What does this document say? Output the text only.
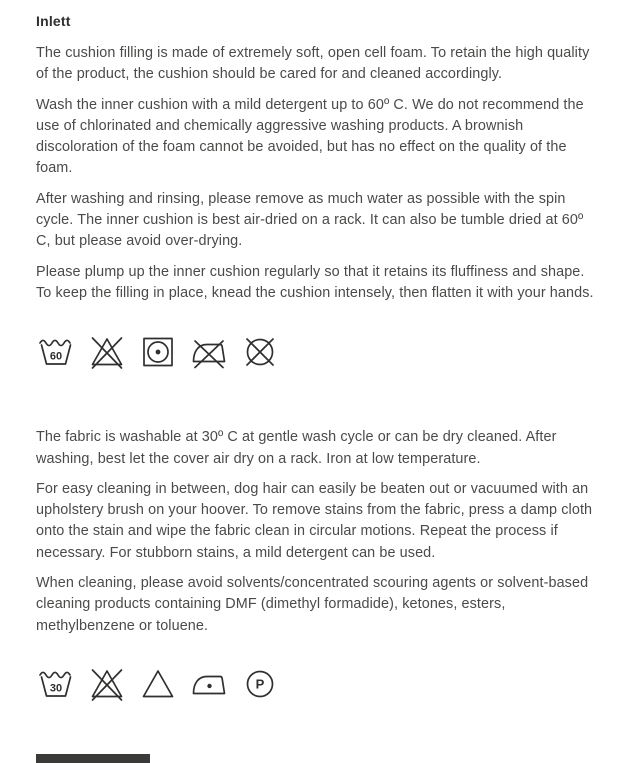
Inlett

The cushion filling is made of extremely soft, open cell foam. To retain the high quality of the product, the cushion should be cared for and cleaned accordingly.

Wash the inner cushion with a mild detergent up to 60º C. We do not recommend the use of chlorinated and chemically aggressive washing products. A brownish discoloration of the foam cannot be avoided, but has no effect on the quality of the foam.

After washing and rinsing, please remove as much water as possible with the spin cycle. The inner cushion is best air-dried on a rack. It can also be tumble dried at 60º C, but please avoid over-drying.

Please plump up the inner cushion regularly so that it retains its fluffiness and shape. To keep the filling in place, knead the cushion intensely, then flatten it with your hands.

60

The fabric is washable at 30º C at gentle wash cycle or can be dry cleaned. After washing, best let the cover air dry on a rack. Iron at low temperature.

For easy cleaning in between, dog hair can easily be beaten out or vacuumed with an upholstery brush on your hoover. To remove stains from the fabric, press a damp cloth onto the stain and wipe the fabric clean in circular motions. Repeat the process if necessary. For stubborn stains, a mild detergent can be used.

When cleaning, please avoid solvents/concentrated scouring agents or solvent-based cleaning products containing DMF (dimethyl formadide), ketones, esters, methylbenzene or toluene.

30	P
